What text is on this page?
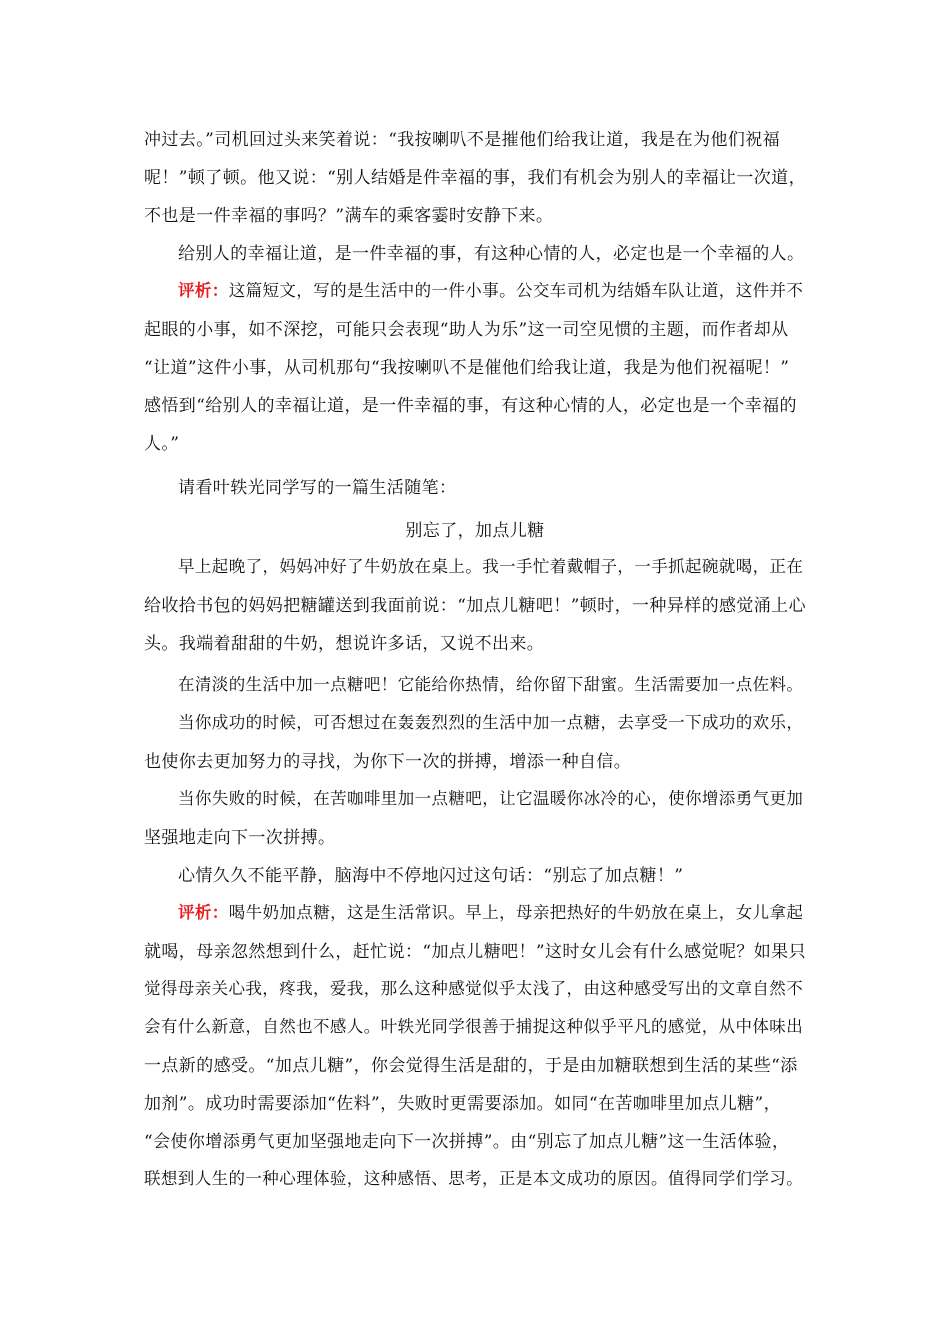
冲过去。”司机回过头来笑着说：“我按喇叭不是摧他们给我让道，我是在为他们祝福
呢！”顿了顿。他又说：“别人结婚是件幸福的事，我们有机会为别人的幸福让一次道，
不也是一件幸福的事吗？”满车的乘客霎时安静下来。
给别人的幸福让道，是一件幸福的事，有这种心情的人，必定也是一个幸福的人。
评析：这篇短文，写的是生活中的一件小事。公交车司机为结婚车队让道，这件并不
起眼的小事，如不深挖，可能只会表现“助人为乐”这一司空见惯的主题，而作者却从
“让道”这件小事，从司机那句“我按喇叭不是催他们给我让道，我是为他们祝福呢！”
感悟到“给别人的幸福让道，是一件幸福的事，有这种心情的人，必定也是一个幸福的
人。”
请看叶轶光同学写的一篇生活随笔：
别忘了，加点儿糖
早上起晚了，妈妈冲好了牛奶放在桌上。我一手忙着戴帽子，一手抓起碗就喝，正在
给收拾书包的妈妈把糖罐送到我面前说：“加点儿糖吧！”顿时，一种异样的感觉涌上心
头。我端着甜甜的牛奶，想说许多话，又说不出来。
在清淡的生活中加一点糖吧！它能给你热情，给你留下甜蜜。生活需要加一点佐料。
当你成功的时候，可否想过在轰轰烈烈的生活中加一点糖，去享受一下成功的欢乐，
也使你去更加努力的寻找，为你下一次的拼搏，增添一种自信。
当你失败的时候，在苦咖啡里加一点糖吧，让它温暖你冰冷的心，使你增添勇气更加
坚强地走向下一次拼搏。
心情久久不能平静，脑海中不停地闪过这句话：“别忘了加点糖！”
评析：喝牛奶加点糖，这是生活常识。早上，母亲把热好的牛奶放在桌上，女儿拿起
就喝，母亲忽然想到什么，赶忙说：“加点儿糖吧！”这时女儿会有什么感觉呢？如果只
觉得母亲关心我，疼我，爱我，那么这种感觉似乎太浅了，由这种感受写出的文章自然不
会有什么新意，自然也不感人。叶轶光同学很善于捕捉这种似乎平凡的感觉，从中体味出
一点新的感受。“加点儿糖”，你会觉得生活是甜的，于是由加糖联想到生活的某些“添
加剂”。成功时需要添加“佐料”，失败时更需要添加。如同“在苦咖啡里加点儿糖”，
“会使你增添勇气更加坚强地走向下一次拼搏”。由“别忘了加点儿糖”这一生活体验，
联想到人生的一种心理体验，这种感悟、思考，正是本文成功的原因。值得同学们学习。
